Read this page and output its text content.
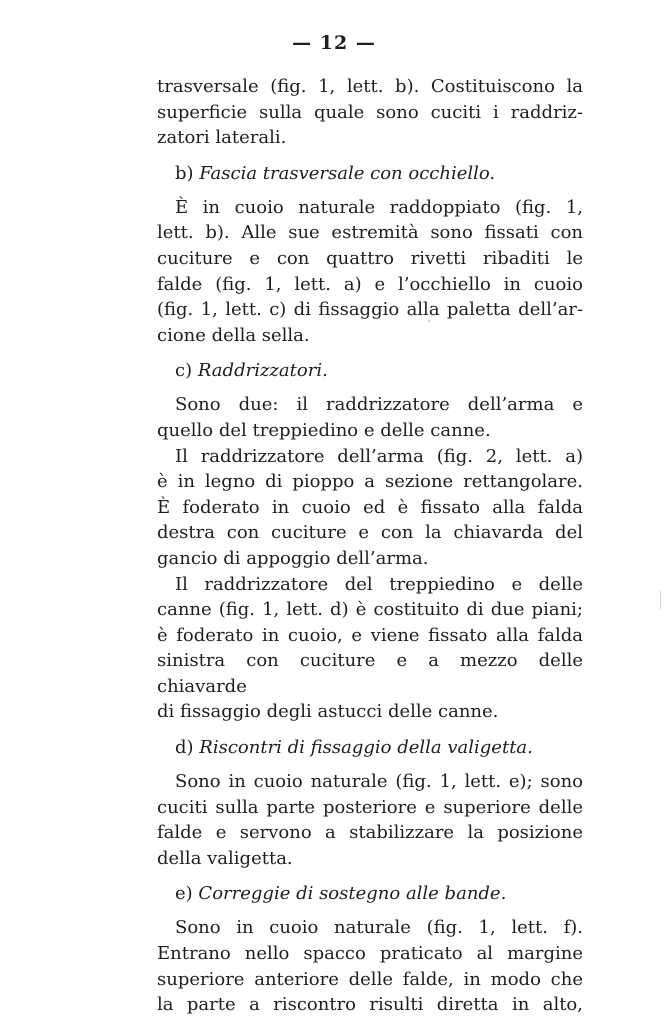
— 12 —
trasversale (fig. 1, lett. b). Costituiscono la
superficie sulla quale sono cuciti i raddriz-
zatori laterali.
b) Fascia trasversale con occhiello.
È in cuoio naturale raddoppiato (fig. 1,
lett. b). Alle sue estremità sono fissati con
cuciture e con quattro rivetti ribaditi le
falde (fig. 1, lett. a) e l’occhiello in cuoio
(fig. 1, lett. c) di fissaggio alla paletta dell’ar-
cione della sella.
c) Raddrizzatori.
Sono due: il raddrizzatore dell’arma e
quello del treppiedino e delle canne.
Il raddrizzatore dell’arma (fig. 2, lett. a)
è in legno di pioppo a sezione rettangolare.
È foderato in cuoio ed è fissato alla falda
destra con cuciture e con la chiavarda del
gancio di appoggio dell’arma.
Il raddrizzatore del treppiedino e delle
canne (fig. 1, lett. d) è costituito di due piani;
è foderato in cuoio, e viene fissato alla falda
sinistra con cuciture e a mezzo delle chiavarde
di fissaggio degli astucci delle canne.
d) Riscontri di fissaggio della valigetta.
Sono in cuoio naturale (fig. 1, lett. e); sono
cuciti sulla parte posteriore e superiore delle
falde e servono a stabilizzare la posizione
della valigetta.
e) Correggie di sostegno alle bande.
Sono in cuoio naturale (fig. 1, lett. f).
Entrano nello spacco praticato al margine
superiore anteriore delle falde, in modo che
la parte a riscontro risulti diretta in alto,
